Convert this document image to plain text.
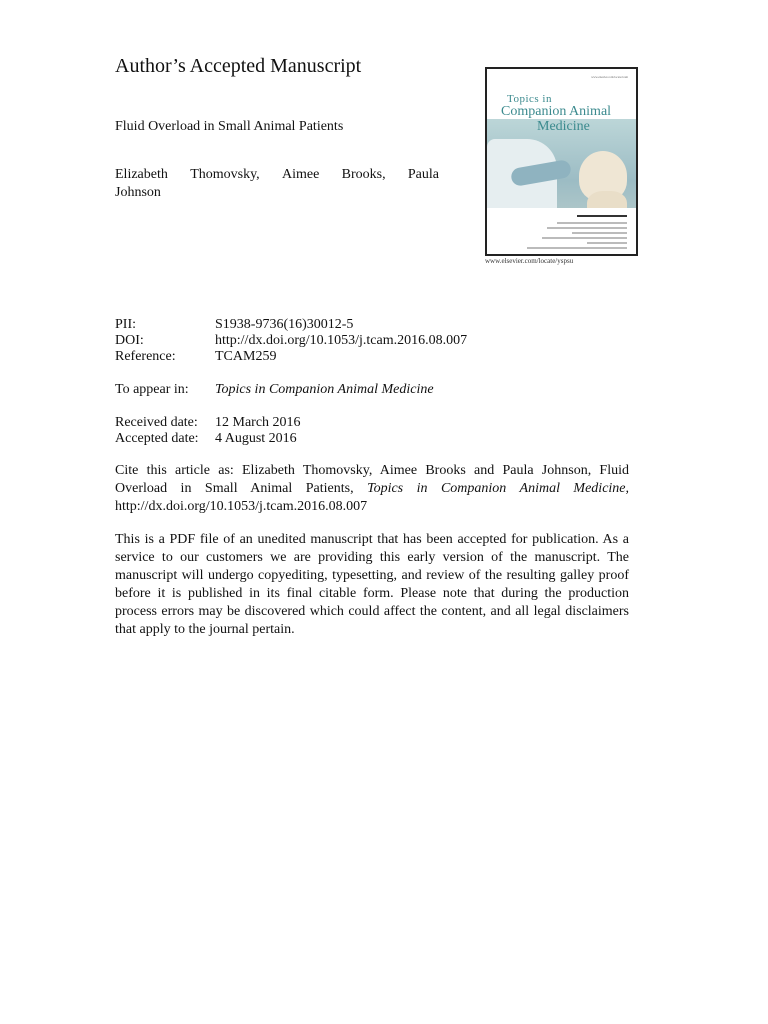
Author’s Accepted Manuscript
Fluid Overload in Small Animal Patients
Elizabeth Thomovsky, Aimee Brooks, Paula
Johnson
www.elsevier.com/locate/tcam
Topics in
Companion Animal
Medicine
www.elsevier.com/locate/yspsu
PII:	S1938-9736(16)30012-5
DOI:	http://dx.doi.org/10.1053/j.tcam.2016.08.007
Reference:	TCAM259
To appear in: Topics in Companion Animal Medicine
Received date: 12 March 2016
Accepted date: 4 August 2016
Cite this article as: Elizabeth Thomovsky, Aimee Brooks and Paula Johnson, Fluid Overload in Small Animal Patients, Topics in Companion Animal Medicine, http://dx.doi.org/10.1053/j.tcam.2016.08.007
This is a PDF file of an unedited manuscript that has been accepted for publication. As a service to our customers we are providing this early version of the manuscript. The manuscript will undergo copyediting, typesetting, and review of the resulting galley proof before it is published in its final citable form. Please note that during the production process errors may be discovered which could affect the content, and all legal disclaimers that apply to the journal pertain.
